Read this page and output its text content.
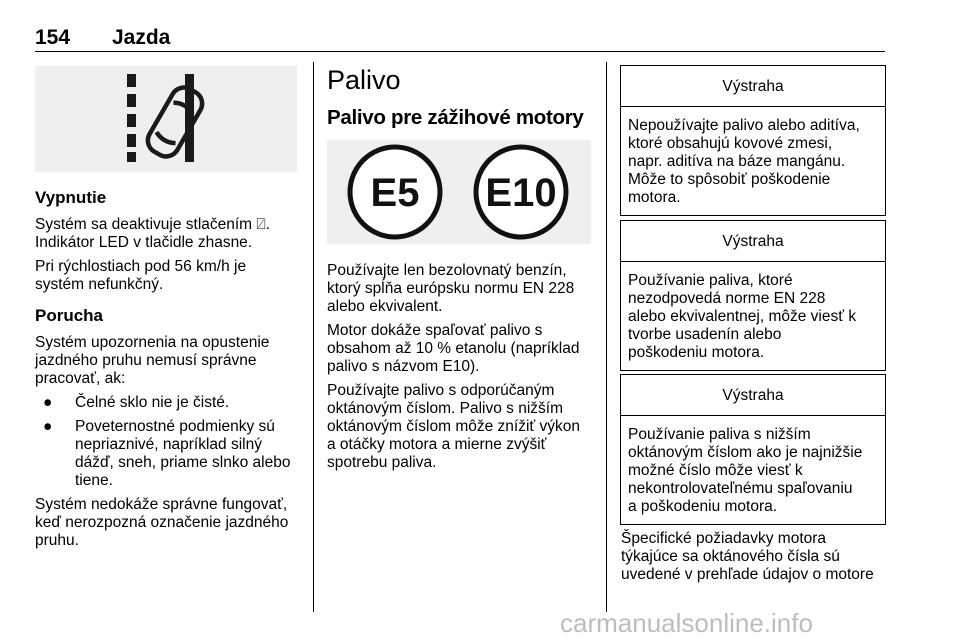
154 Jazda
Vypnutie

Systém sa deaktivuje stlačením ⍁.
Indikátor LED v tlačidle zhasne.

Pri rýchlostiach pod 56 km/h je
systém nefunkčný.

Porucha

Systém upozornenia na opustenie
jazdného pruhu nemusí správne
pracovať, ak:

● Čelné sklo nie je čisté.
● Poveternostné podmienky sú
nepriaznivé, napríklad silný
dážď, sneh, priame slnko alebo
tiene.

Systém nedokáže správne fungovať,
keď nerozpozná označenie jazdného
pruhu.

Palivo
Palivo pre zážihové motory
E5 E10

Používajte len bezolovnatý benzín,
ktorý spĺňa európsku normu EN 228
alebo ekvivalent.

Motor dokáže spaľovať palivo s
obsahom až 10 % etanolu (napríklad
palivo s názvom E10).

Používajte palivo s odporúčaným
oktánovým číslom. Palivo s nižším
oktánovým číslom môže znížiť výkon
a otáčky motora a mierne zvýšiť
spotrebu paliva.

Výstraha
Nepoužívajte palivo alebo aditíva,
ktoré obsahujú kovové zmesi,
napr. aditíva na báze mangánu.
Môže to spôsobiť poškodenie
motora.
Výstraha
Používanie paliva, ktoré
nezodpovedá norme EN 228
alebo ekvivalentnej, môže viesť k
tvorbe usadenín alebo
poškodeniu motora.
Výstraha
Používanie paliva s nižším
oktánovým číslom ako je najnižšie
možné číslo môže viesť k
nekontrolovateľnému spaľovaniu
a poškodeniu motora.

Špecifické požiadavky motora
týkajúce sa oktánového čísla sú
uvedené v prehľade údajov o motore

carmanualsonline.info
